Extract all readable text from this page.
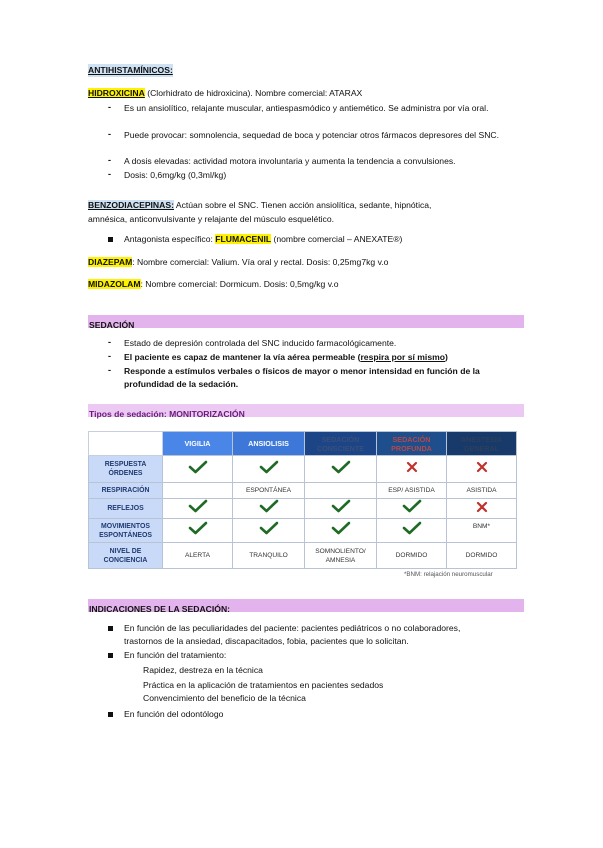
ANTIHISTAMÍNICOS:
HIDROXICINA (Clorhidrato de hidroxicina). Nombre comercial: ATARAX
- Es un ansiolítico, relajante muscular, antiespasmódico y antiemético. Se administra por vía oral.
- Puede provocar: somnolencia, sequedad de boca y potenciar otros fármacos depresores del SNC.
- A dosis elevadas: actividad motora involuntaria y aumenta la tendencia a convulsiones.
- Dosis: 0,6mg/kg (0,3ml/kg)
BENZODIACEPINAS: Actúan sobre el SNC. Tienen acción ansiolítica, sedante, hipnótica,
amnésica, anticonvulsivante y relajante del músculo esquelético.
Antagonista específico: FLUMACENIL (nombre comercial – ANEXATE®)
DIAZEPAM: Nombre comercial: Valium. Vía oral y rectal. Dosis: 0,25mg7kg v.o
MIDAZOLAM: Nombre comercial: Dormicum. Dosis: 0,5mg/kg v.o
SEDACIÓN
- Estado de depresión controlada del SNC inducido farmacológicamente.
- El paciente es capaz de mantener la vía aérea permeable (respira por sí mismo)
- Responde a estímulos verbales o físicos de mayor o menor intensidad en función de la profundidad de la sedación.
Tipos de sedación: MONITORIZACIÓN
	VIGILIA	ANSIOLISIS	SEDACIÓN CONSCIENTE	SEDACIÓN PROFUNDA	ANESTESIA GENERAL
RESPUESTA ÓRDENES					
RESPIRACIÓN		ESPONTÁNEA		ESP/ ASISTIDA	ASISTIDA
REFLEJOS					
MOVIMIENTOS ESPONTÁNEOS					BNM*
NIVEL DE CONCIENCIA	ALERTA	TRANQUILO	SOMNOLIENTO/ AMNESIA	DORMIDO	DORMIDO
*BNM: relajación neuromuscular
INDICACIONES DE LA SEDACIÓN:
En función de las peculiaridades del paciente: pacientes pediátricos o no colaboradores,
trastornos de la ansiedad, discapacitados, fobia, pacientes que lo solicitan.
En función del tratamiento:
Rapidez, destreza en la técnica
Práctica en la aplicación de tratamientos en pacientes sedados
Convencimiento del beneficio de la técnica
En función del odontólogo
